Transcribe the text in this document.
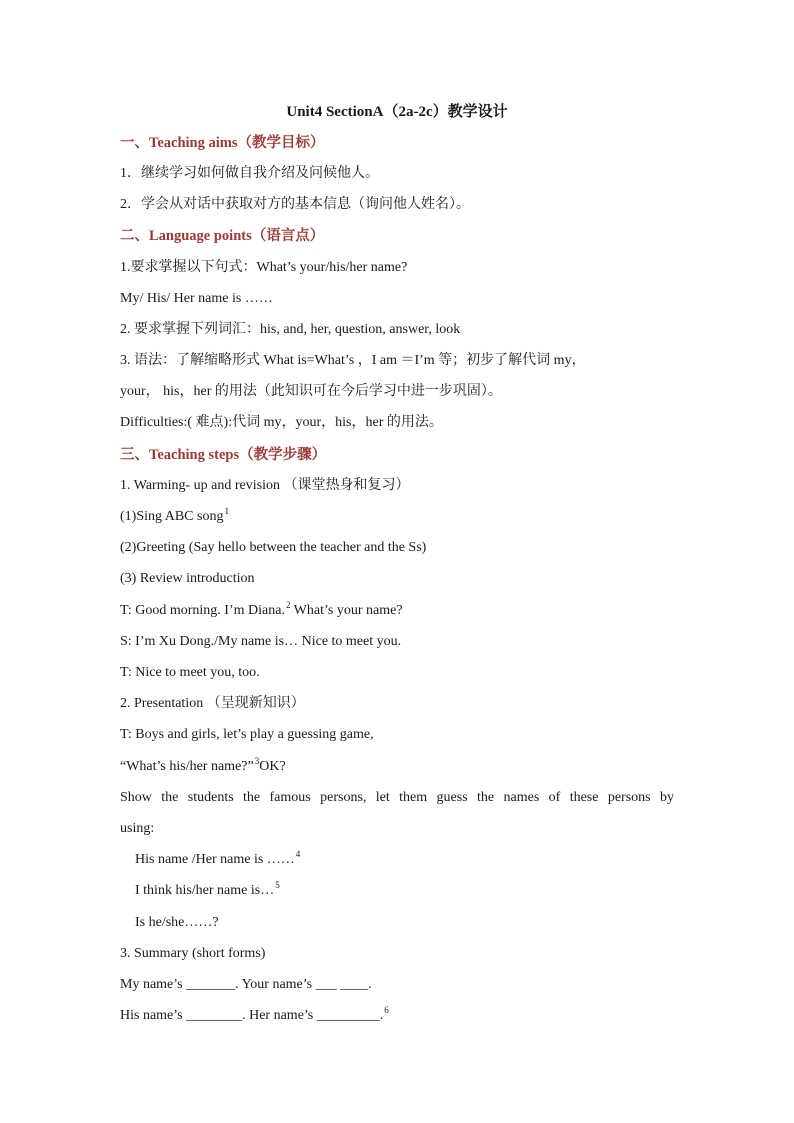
Unit4 SectionA（2a-2c）教学设计
一、Teaching aims（教学目标）
1．继续学习如何做自我介绍及问候他人。
2．学会从对话中获取对方的基本信息（询问他人姓名）。
二、Language points（语言点）
1.要求掌握以下句式：What’s your/his/her name?
My/ His/ Her name is ……
2. 要求掌握下列词汇：his, and, her, question, answer, look
3. 语法：了解缩略形式 What is=What’s ，I am ＝I’m 等；初步了解代词 my，
your， his，her 的用法（此知识可在今后学习中进一步巩固）。
Difficulties:( 难点):代词 my，your，his，her 的用法。
三、Teaching steps（教学步骤）
1. Warming- up and revision （课堂热身和复习）
(1)Sing ABC song$^1$
(2)Greeting (Say hello between the teacher and the Ss)
(3) Review introduction
T: Good morning. I’m Diana.$^2$ What’s your name?
S: I’m Xu Dong./My name is… Nice to meet you.
T: Nice to meet you, too.
2. Presentation （呈现新知识）
T: Boys and girls, let’s play a guessing game,
“What’s his/her name?”$^3$OK?
Show the students the famous persons, let them guess the names of these persons by
using:
His name /Her name is ……$^4$
I think his/her name is…$^5$
Is he/she……?
3. Summary (short forms)
My name’s _______. Your name’s ___ ____.
His name’s ________. Her name’s _________.$^6$
